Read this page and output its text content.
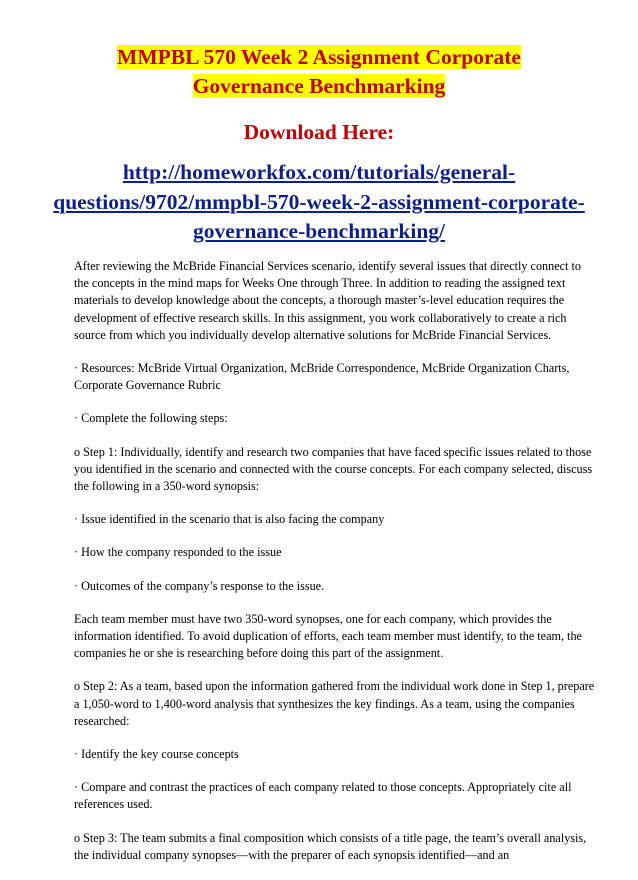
MMPBL 570 Week 2 Assignment Corporate Governance Benchmarking
Download Here:
http://homeworkfox.com/tutorials/general-questions/9702/mmpbl-570-week-2-assignment-corporate-governance-benchmarking/

After reviewing the McBride Financial Services scenario, identify several issues that directly connect to the concepts in the mind maps for Weeks One through Three. In addition to reading the assigned text materials to develop knowledge about the concepts, a thorough master’s-level education requires the development of effective research skills. In this assignment, you work collaboratively to create a rich source from which you individually develop alternative solutions for McBride Financial Services.

· Resources: McBride Virtual Organization, McBride Correspondence, McBride Organization Charts, Corporate Governance Rubric

· Complete the following steps:

o Step 1: Individually, identify and research two companies that have faced specific issues related to those you identified in the scenario and connected with the course concepts. For each company selected, discuss the following in a 350-word synopsis:

· Issue identified in the scenario that is also facing the company

· How the company responded to the issue

· Outcomes of the company’s response to the issue.

Each team member must have two 350-word synopses, one for each company, which provides the information identified. To avoid duplication of efforts, each team member must identify, to the team, the companies he or she is researching before doing this part of the assignment.

o Step 2: As a team, based upon the information gathered from the individual work done in Step 1, prepare a 1,050-word to 1,400-word analysis that synthesizes the key findings. As a team, using the companies researched:

· Identify the key course concepts

· Compare and contrast the practices of each company related to those concepts. Appropriately cite all references used.

o Step 3: The team submits a final composition which consists of a title page, the team’s overall analysis, the individual company synopses—with the preparer of each synopsis identified—and an
